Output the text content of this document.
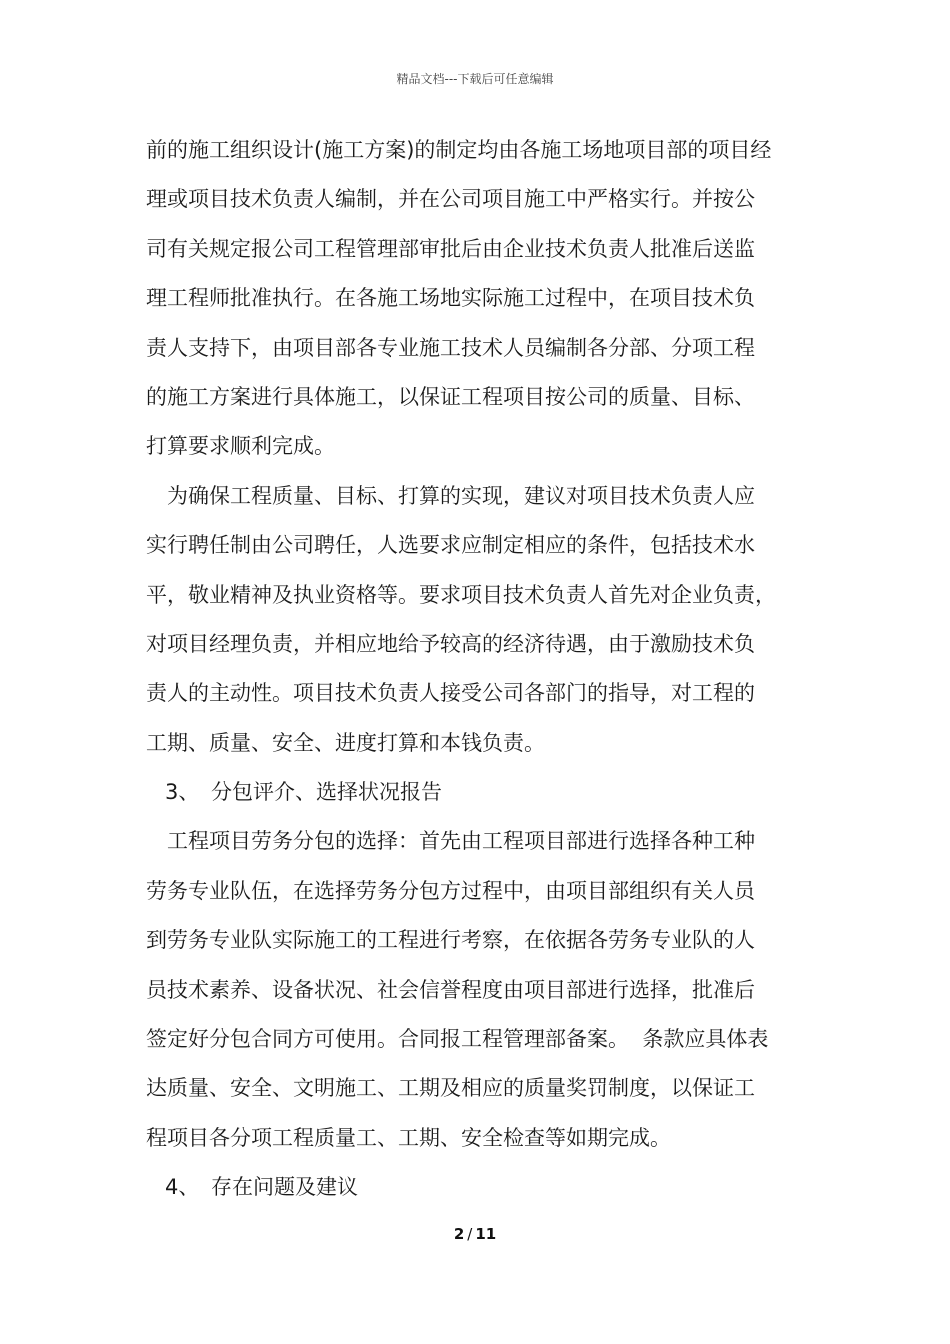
精品文档---下载后可任意编辑
前的施工组织设计(施工方案)的制定均由各施工场地项目部的项目经
理或项目技术负责人编制，并在公司项目施工中严格实行。并按公
司有关规定报公司工程管理部审批后由企业技术负责人批准后送监
理工程师批准执行。在各施工场地实际施工过程中，在项目技术负
责人支持下，由项目部各专业施工技术人员编制各分部、分项工程
的施工方案进行具体施工，以保证工程项目按公司的质量、目标、
打算要求顺利完成。
为确保工程质量、目标、打算的实现，建议对项目技术负责人应
实行聘任制由公司聘任，人选要求应制定相应的条件，包括技术水
平，敬业精神及执业资格等。要求项目技术负责人首先对企业负责，
对项目经理负责，并相应地给予较高的经济待遇，由于激励技术负
责人的主动性。项目技术负责人接受公司各部门的指导，对工程的
工期、质量、安全、进度打算和本钱负责。
3、 分包评介、选择状况报告
工程项目劳务分包的选择：首先由工程项目部进行选择各种工种
劳务专业队伍，在选择劳务分包方过程中，由项目部组织有关人员
到劳务专业队实际施工的工程进行考察，在依据各劳务专业队的人
员技术素养、设备状况、社会信誉程度由项目部进行选择，批准后
签定好分包合同方可使用。合同报工程管理部备案。  条款应具体表
达质量、安全、文明施工、工期及相应的质量奖罚制度，以保证工
程项目各分项工程质量工、工期、安全检查等如期完成。
4、 存在问题及建议
2 / 11
